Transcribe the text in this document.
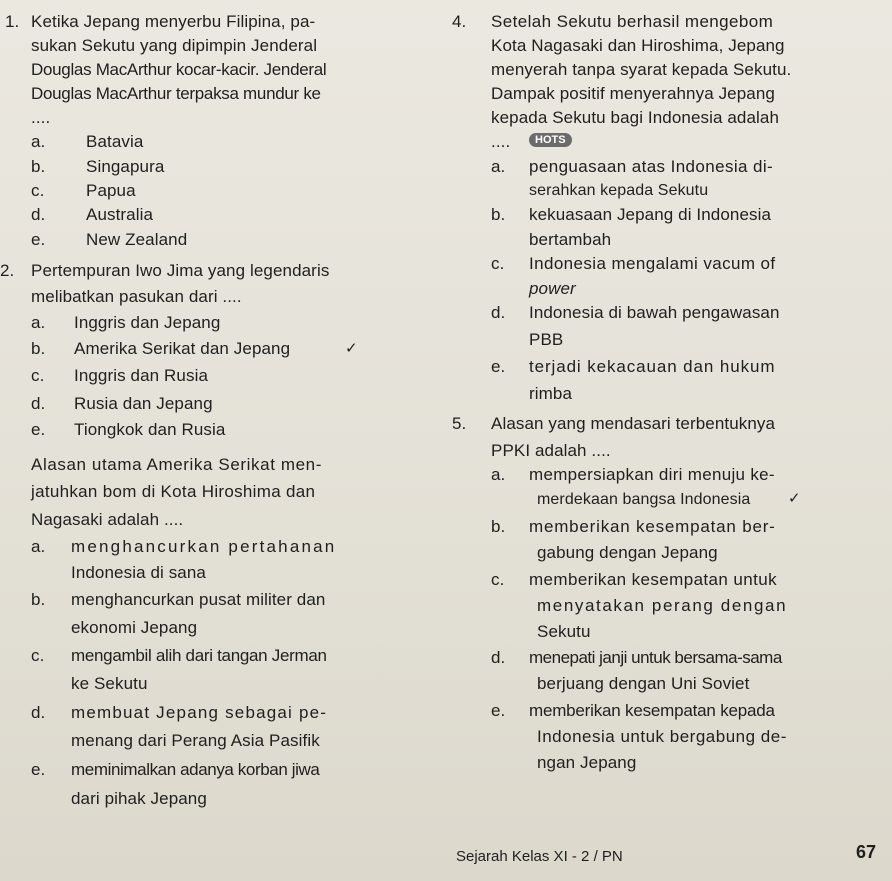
1. Ketika Jepang menyerbu Filipina, pa-
sukan Sekutu yang dipimpin Jenderal
Douglas MacArthur kocar-kacir. Jenderal
Douglas MacArthur terpaksa mundur ke
....
a. Batavia
b. Singapura
c. Papua
d. Australia
e. New Zealand
2. Pertempuran Iwo Jima yang legendaris
melibatkan pasukan dari ....
a. Inggris dan Jepang
b. Amerika Serikat dan Jepang	✓
c. Inggris dan Rusia
d. Rusia dan Jepang
e. Tiongkok dan Rusia
Alasan utama Amerika Serikat men-
jatuhkan bom di Kota Hiroshima dan
Nagasaki adalah ....
a. menghancurkan pertahanan
Indonesia di sana
b. menghancurkan pusat militer dan
ekonomi Jepang
c. mengambil alih dari tangan Jerman
ke Sekutu
d. membuat Jepang sebagai pe-
menang dari Perang Asia Pasifik
e. meminimalkan adanya korban jiwa
dari pihak Jepang
4. Setelah Sekutu berhasil mengebom
Kota Nagasaki dan Hiroshima, Jepang
menyerah tanpa syarat kepada Sekutu.
Dampak positif menyerahnya Jepang
kepada Sekutu bagi Indonesia adalah
....
a. penguasaan atas Indonesia di-
serahkan kepada Sekutu
b. kekuasaan Jepang di Indonesia
bertambah
c. Indonesia mengalami vacum of
power
d. Indonesia di bawah pengawasan
PBB
e. terjadi kekacauan dan hukum
rimba
5. Alasan yang mendasari terbentuknya
PPKI adalah ....
a. mempersiapkan diri menuju ke-
merdekaan bangsa Indonesia	✓
b. memberikan kesempatan ber-
gabung dengan Jepang
c. memberikan kesempatan untuk
menyatakan perang dengan
Sekutu
d. menepati janji untuk bersama-sama
berjuang dengan Uni Soviet
e. memberikan kesempatan kepada
Indonesia untuk bergabung de-
ngan Jepang
HOTS
Sejarah Kelas XI - 2 / PN	67
